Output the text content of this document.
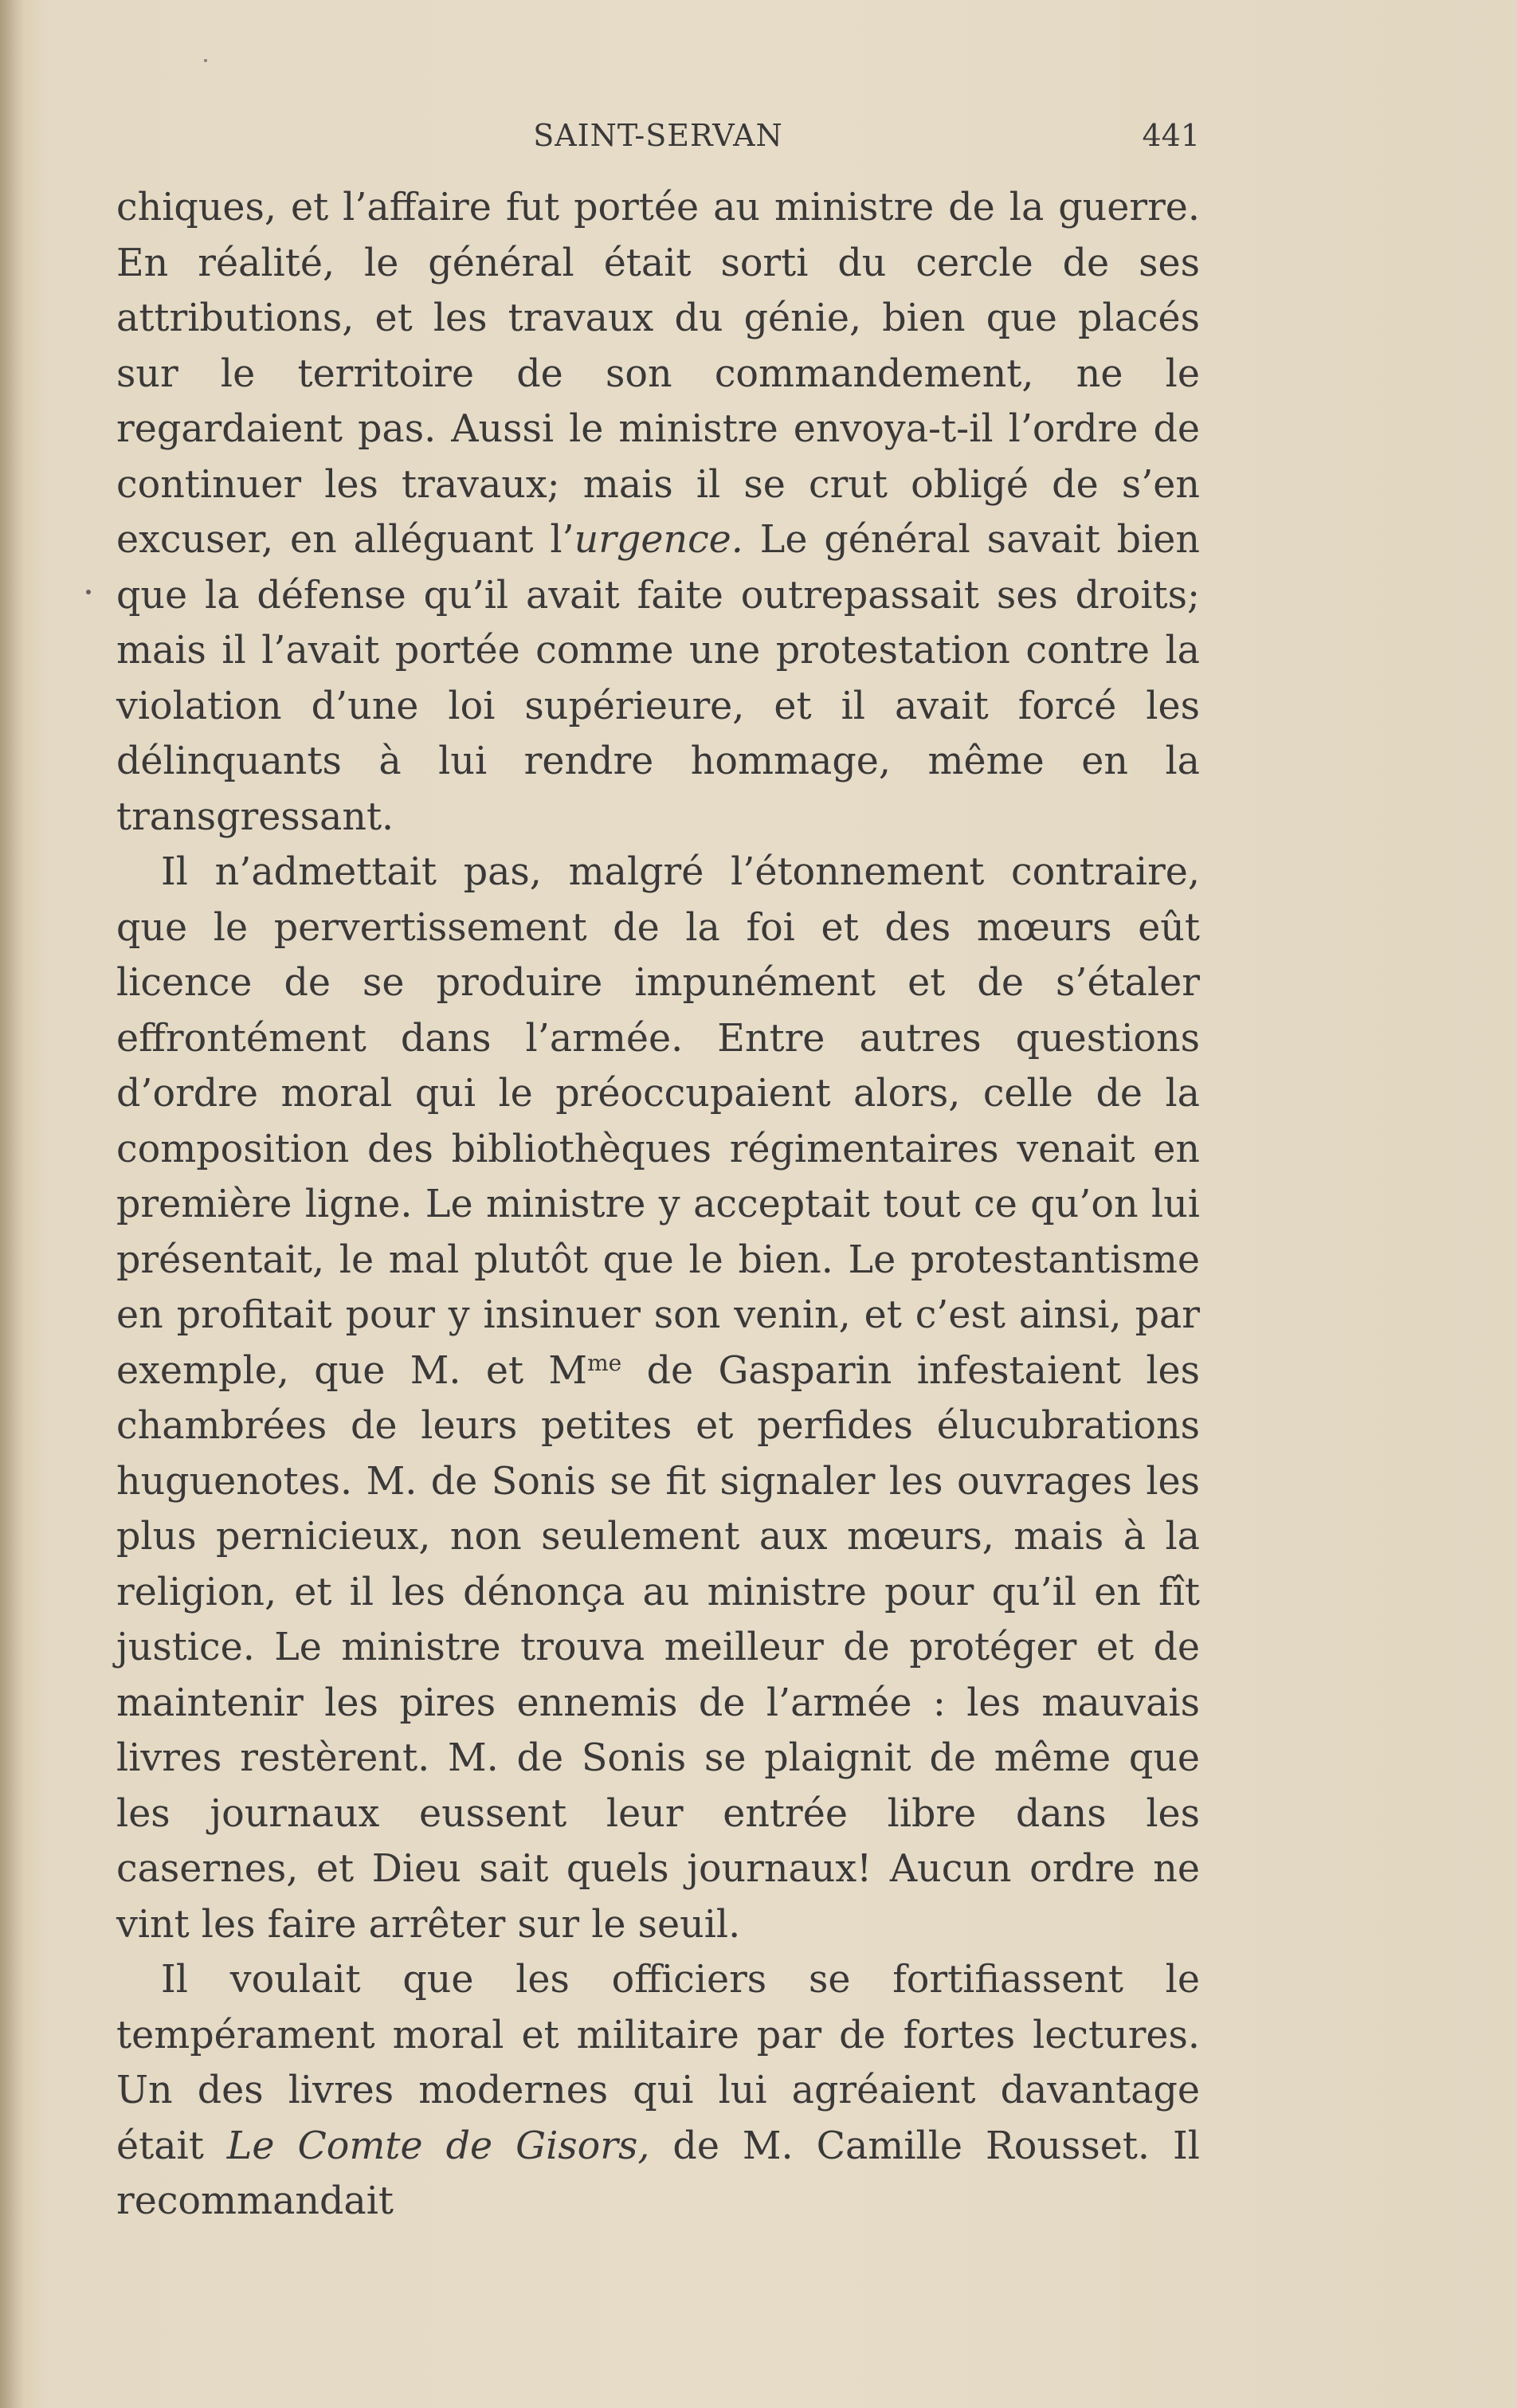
SAINT-SERVAN	441

chiques, et l’affaire fut portée au ministre de la guerre. En réalité, le général était sorti du cercle de ses attributions, et les travaux du génie, bien que placés sur le territoire de son commandement, ne le regardaient pas. Aussi le ministre envoya-t-il l’ordre de continuer les travaux; mais il se crut obligé de s’en excuser, en alléguant l’urgence. Le général savait bien que la défense qu’il avait faite outrepassait ses droits; mais il l’avait portée comme une protestation contre la violation d’une loi supérieure, et il avait forcé les délinquants à lui rendre hommage, même en la transgressant.

Il n’admettait pas, malgré l’étonnement contraire, que le pervertissement de la foi et des mœurs eût licence de se produire impunément et de s’étaler effrontément dans l’armée. Entre autres questions d’ordre moral qui le préoccupaient alors, celle de la composition des bibliothèques régimentaires venait en première ligne. Le ministre y acceptait tout ce qu’on lui présentait, le mal plutôt que le bien. Le protestantisme en profitait pour y insinuer son venin, et c’est ainsi, par exemple, que M. et $M^{me}$ de Gasparin infestaient les chambrées de leurs petites et perfides élucubrations huguenotes. M. de Sonis se fit signaler les ouvrages les plus pernicieux, non seulement aux mœurs, mais à la religion, et il les dénonça au ministre pour qu’il en fît justice. Le ministre trouva meilleur de protéger et de maintenir les pires ennemis de l’armée : les mauvais livres restèrent. M. de Sonis se plaignit de même que les journaux eussent leur entrée libre dans les casernes, et Dieu sait quels journaux! Aucun ordre ne vint les faire arrêter sur le seuil.

Il voulait que les officiers se fortifiassent le tempérament moral et militaire par de fortes lectures. Un des livres modernes qui lui agréaient davantage était Le Comte de Gisors, de M. Camille Rousset. Il recommandait
